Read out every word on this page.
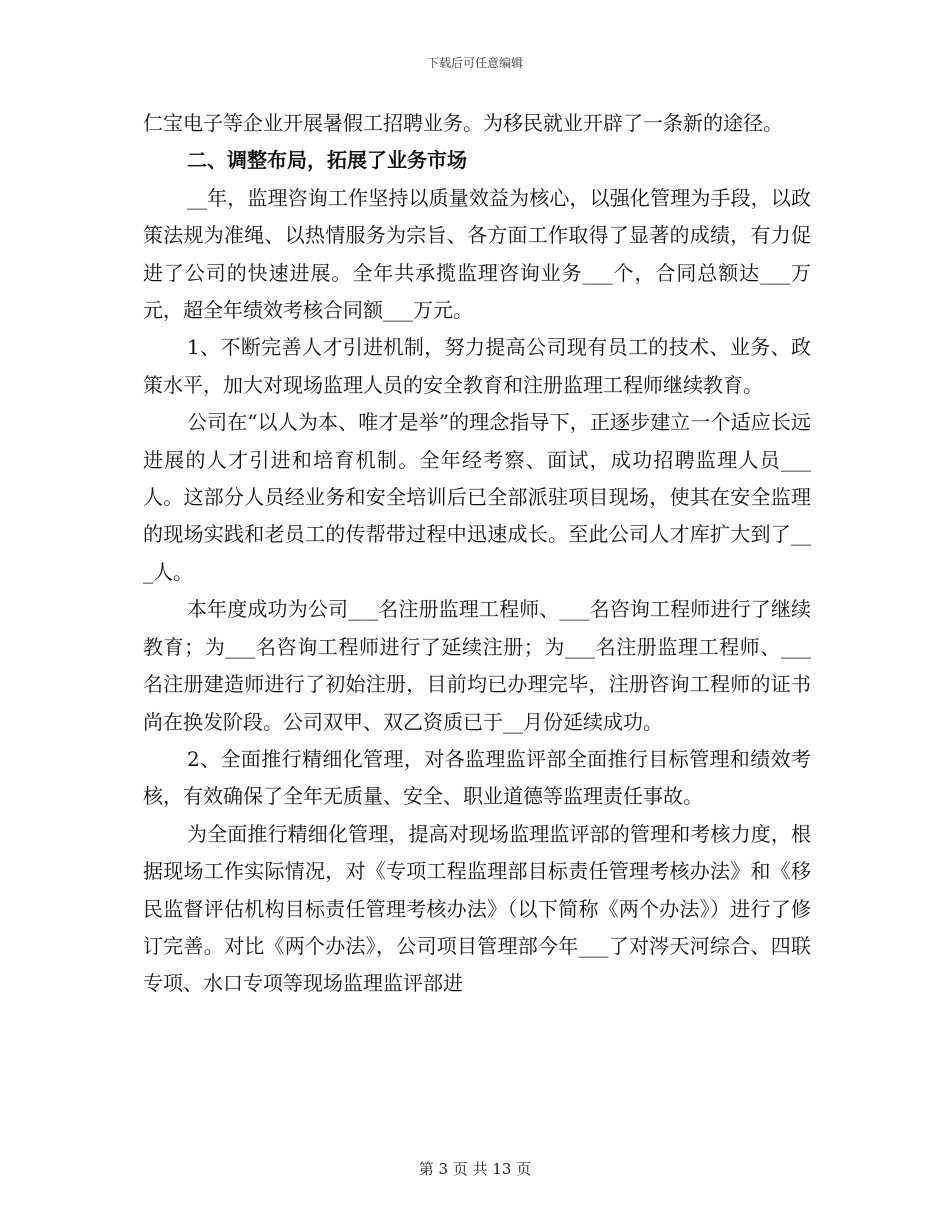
下载后可任意编辑

仁宝电子等企业开展暑假工招聘业务。为移民就业开辟了一条新的途径。

二、调整布局，拓展了业务市场

__年，监理咨询工作坚持以质量效益为核心，以强化管理为手段，以政策法规为准绳、以热情服务为宗旨、各方面工作取得了显著的成绩，有力促进了公司的快速进展。全年共承揽监理咨询业务___个，合同总额达___万元，超全年绩效考核合同额___万元。

1、不断完善人才引进机制，努力提高公司现有员工的技术、业务、政策水平，加大对现场监理人员的安全教育和注册监理工程师继续教育。

公司在“以人为本、唯才是举”的理念指导下，正逐步建立一个适应长远进展的人才引进和培育机制。全年经考察、面试，成功招聘监理人员___人。这部分人员经业务和安全培训后已全部派驻项目现场，使其在安全监理的现场实践和老员工的传帮带过程中迅速成长。至此公司人才库扩大到了___人。

本年度成功为公司___名注册监理工程师、___名咨询工程师进行了继续教育；为___名咨询工程师进行了延续注册；为___名注册监理工程师、___名注册建造师进行了初始注册，目前均已办理完毕，注册咨询工程师的证书尚在换发阶段。公司双甲、双乙资质已于__月份延续成功。

2、全面推行精细化管理，对各监理监评部全面推行目标管理和绩效考核，有效确保了全年无质量、安全、职业道德等监理责任事故。

为全面推行精细化管理，提高对现场监理监评部的管理和考核力度，根据现场工作实际情况，对《专项工程监理部目标责任管理考核办法》和《移民监督评估机构目标责任管理考核办法》（以下简称《两个办法》）进行了修订完善。对比《两个办法》，公司项目管理部今年___了对涔天河综合、四联专项、水口专项等现场监理监评部进

第 3 页 共 13 页
